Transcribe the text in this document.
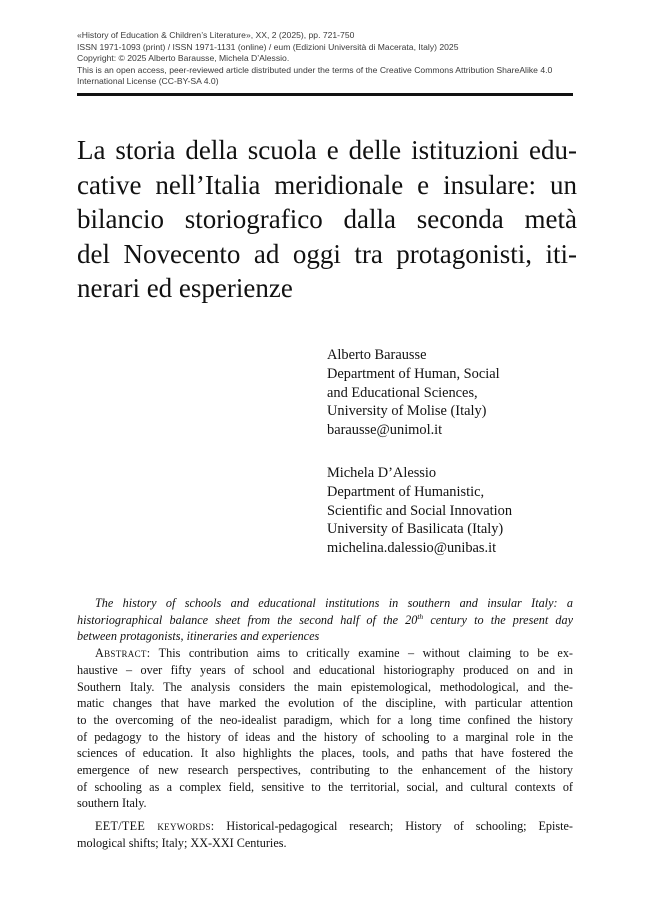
«History of Education & Children’s Literature», XX, 2 (2025), pp. 721-750
ISSN 1971-1093 (print) / ISSN 1971-1131 (online) / eum (Edizioni Università di Macerata, Italy) 2025
Copyright: © 2025 Alberto Barausse, Michela D’Alessio.
This is an open access, peer-reviewed article distributed under the terms of the Creative Commons Attribution ShareAlike 4.0
International License (CC-BY-SA 4.0)
La storia della scuola e delle istituzioni edu-
cative nell’Italia meridionale e insulare: un
bilancio storiografico dalla seconda metà
del Novecento ad oggi tra protagonisti, iti-
nerari ed esperienze
Alberto Barausse
Department of Human, Social
and Educational Sciences,
University of Molise (Italy)
barausse@unimol.it
Michela D’Alessio
Department of Humanistic,
Scientific and Social Innovation
University of Basilicata (Italy)
michelina.dalessio@unibas.it
The history of schools and educational institutions in southern and insular Italy: a
historiographical balance sheet from the second half of the 20th century to the present day
between protagonists, itineraries and experiences
Abstract: This contribution aims to critically examine – without claiming to be ex-
haustive – over fifty years of school and educational historiography produced on and in
Southern Italy. The analysis considers the main epistemological, methodological, and the-
matic changes that have marked the evolution of the discipline, with particular attention
to the overcoming of the neo-idealist paradigm, which for a long time confined the history
of pedagogy to the history of ideas and the history of schooling to a marginal role in the
sciences of education. It also highlights the places, tools, and paths that have fostered the
emergence of new research perspectives, contributing to the enhancement of the history
of schooling as a complex field, sensitive to the territorial, social, and cultural contexts of
southern Italy.
EET/TEE keywords: Historical-pedagogical research; History of schooling; Episte-
mological shifts; Italy; XX-XXI Centuries.
